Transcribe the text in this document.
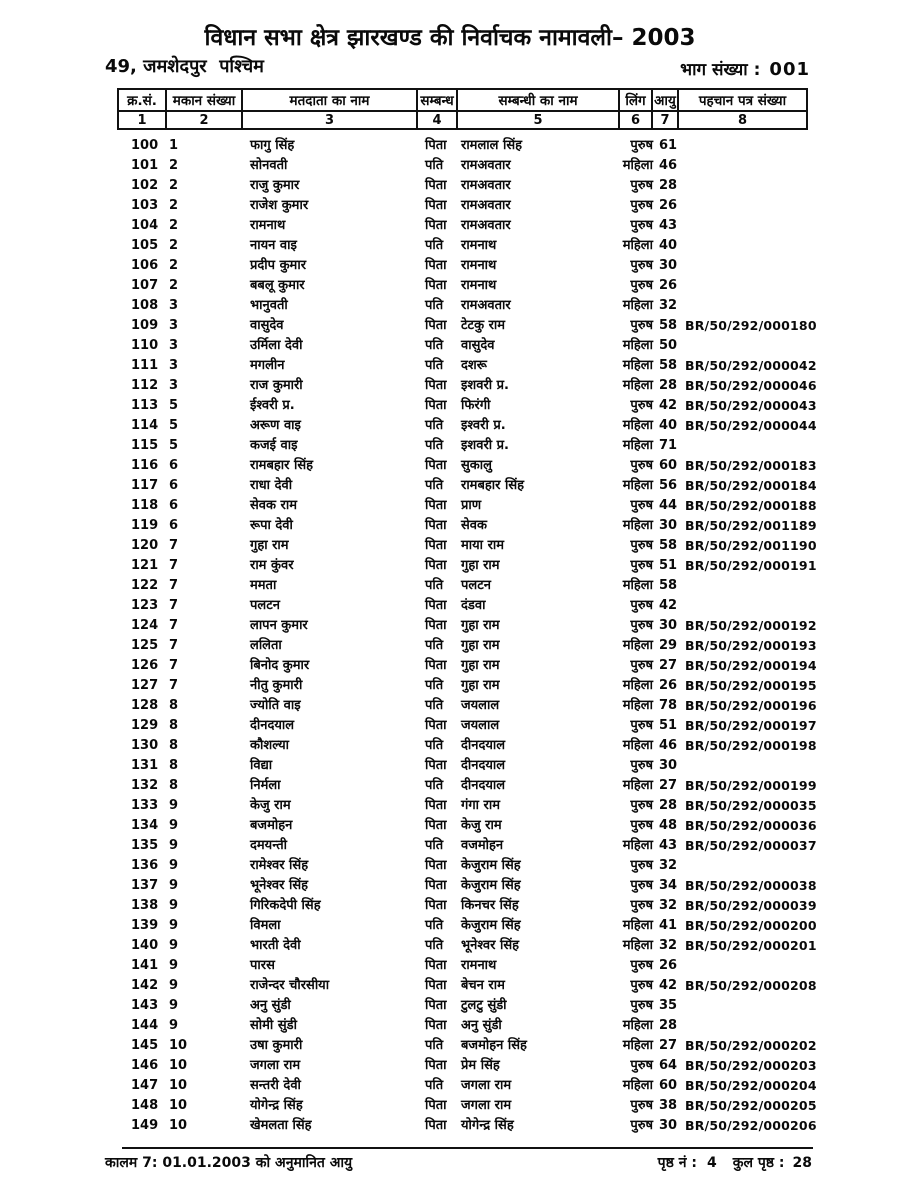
विधान सभा क्षेत्र झारखण्ड की निर्वाचक नामावली– 2003
49, जमशेदपुर  पश्चिम	भाग संख्या : 001
क्र.सं.	मकान संख्या	मतदाता का नाम	सम्बन्ध	सम्बन्धी का नाम	लिंग आयु	पहचान पत्र संख्या
1	2	3	4	5	6	7	8
100 1	फागु सिंह	पिता	रामलाल सिंह	पुरुष 61
101 2	सोनवती	पति	रामअवतार	महिला 46
102 2	राजु कुमार	पिता	रामअवतार	पुरुष 28
103 2	राजेश कुमार	पिता	रामअवतार	पुरुष 26
104 2	रामनाथ	पिता	रामअवतार	पुरुष 43
105 2	नायन वाइ	पति	रामनाथ	महिला 40
106 2	प्रदीप कुमार	पिता	रामनाथ	पुरुष 30
107 2	बबलू कुमार	पिता	रामनाथ	पुरुष 26
108 3	भानुवती	पति	रामअवतार	महिला 32
109 3	वासुदेव	पिता	टेटकु राम	पुरुष 58 BR/50/292/000180
110 3	उर्मिला देवी	पति	वासुदेव	महिला 50
111 3	मगलीन	पति	दशरू	महिला 58 BR/50/292/000042
112 3	राज कुमारी	पिता	इशवरी प्र.	महिला 28 BR/50/292/000046
113 5	ईश्वरी प्र.	पिता	फिरंगी	पुरुष 42 BR/50/292/000043
114 5	अरूण वाइ	पति	इश्वरी प्र.	महिला 40 BR/50/292/000044
115 5	कजई वाइ	पति	इशवरी प्र.	महिला 71
116 6	रामबहार सिंह	पिता	सुकालु	पुरुष 60 BR/50/292/000183
117 6	राधा देवी	पति	रामबहार सिंह	महिला 56 BR/50/292/000184
118 6	सेवक राम	पिता	प्राण	पुरुष 44 BR/50/292/000188
119 6	रूपा देवी	पिता	सेवक	महिला 30 BR/50/292/001189
120 7	गुहा राम	पिता	माया राम	पुरुष 58 BR/50/292/001190
121 7	राम कुंवर	पिता	गुहा राम	पुरुष 51 BR/50/292/000191
122 7	ममता	पति	पलटन	महिला 58
123 7	पलटन	पिता	दंडवा	पुरुष 42
124 7	लापन कुमार	पिता	गुहा राम	पुरुष 30 BR/50/292/000192
125 7	ललिता	पति	गुहा राम	महिला 29 BR/50/292/000193
126 7	बिनोद कुमार	पिता	गुहा राम	पुरुष 27 BR/50/292/000194
127 7	नीतु कुमारी	पति	गुहा राम	महिला 26 BR/50/292/000195
128 8	ज्योति वाइ	पति	जयलाल	महिला 78 BR/50/292/000196
129 8	दीनदयाल	पिता	जयलाल	पुरुष 51 BR/50/292/000197
130 8	कौशल्या	पति	दीनदयाल	महिला 46 BR/50/292/000198
131 8	विद्या	पिता	दीनदयाल	पुरुष 30
132 8	निर्मला	पति	दीनदयाल	महिला 27 BR/50/292/000199
133 9	केजु राम	पिता	गंगा राम	पुरुष 28 BR/50/292/000035
134 9	बजमोहन	पिता	केजु राम	पुरुष 48 BR/50/292/000036
135 9	दमयन्ती	पति	वजमोहन	महिला 43 BR/50/292/000037
136 9	रामेश्वर सिंह	पिता	केजुराम सिंह	पुरुष 32
137 9	भूनेश्वर सिंह	पिता	केजुराम सिंह	पुरुष 34 BR/50/292/000038
138 9	गिरिकदेपी सिंह	पिता	किनचर सिंह	पुरुष 32 BR/50/292/000039
139 9	विमला	पति	केजुराम सिंह	महिला 41 BR/50/292/000200
140 9	भारती देवी	पति	भूनेश्वर सिंह	महिला 32 BR/50/292/000201
141 9	पारस	पिता	रामनाथ	पुरुष 26
142 9	राजेन्दर चौरसीया	पिता	बेचन राम	पुरुष 42 BR/50/292/000208
143 9	अनु सुंडी	पिता	टुलटु सुंडी	पुरुष 35
144 9	सोमी सुंडी	पिता	अनु सुंडी	महिला 28
145 10	उषा कुमारी	पति	बजमोहन सिंह	महिला 27 BR/50/292/000202
146 10	जगला राम	पिता	प्रेम सिंह	पुरुष 64 BR/50/292/000203
147 10	सन्तरी देवी	पति	जगला राम	महिला 60 BR/50/292/000204
148 10	योगेन्द्र सिंह	पिता	जगला राम	पुरुष 38 BR/50/292/000205
149 10	खेमलता सिंह	पिता	योगेन्द्र सिंह	पुरुष 30 BR/50/292/000206
कालम 7: 01.01.2003 को अनुमानित आयु	पृष्ठ नं : 4 कुल पृष्ठ : 28
